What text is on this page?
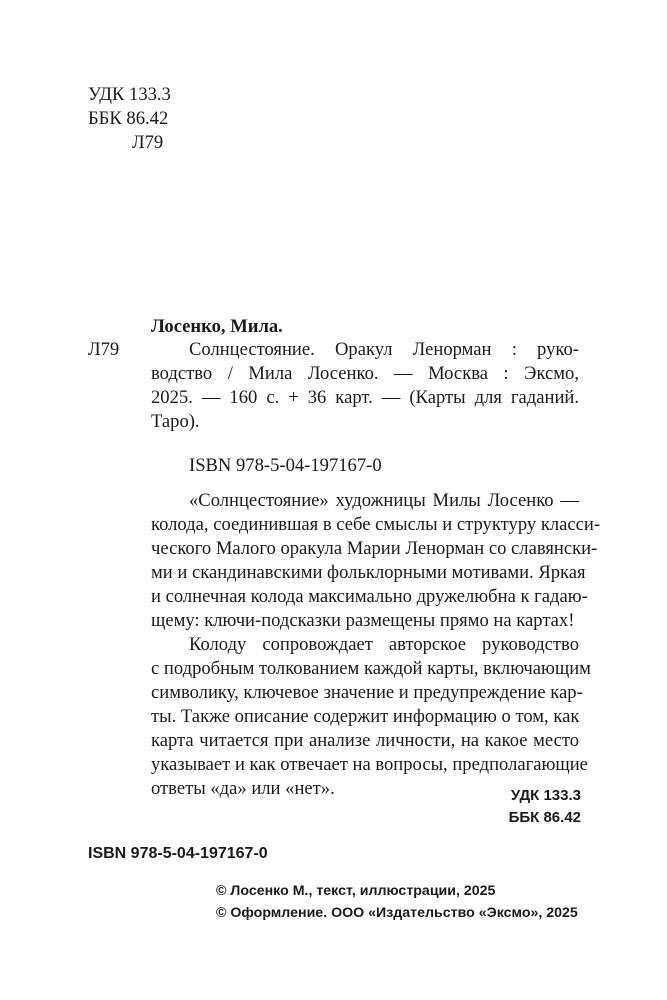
УДК 133.3
ББК 86.42
Л79
Лосенко, Мила.
Л79	Солнцестояние. Оракул Ленорман : руко-
водство / Мила Лосенко. — Москва : Эксмо,
2025. — 160 с. + 36 карт. — (Карты для гаданий.
Таро).
ISBN 978-5-04-197167-0
«Солнцестояние» художницы Милы Лосенко —
колода, соединившая в себе смыслы и структуру класси-
ческого Малого оракула Марии Ленорман со славянски-
ми и скандинавскими фольклорными мотивами. Яркая
и солнечная колода максимально дружелюбна к гадаю-
щему: ключи-подсказки размещены прямо на картах!
Колоду сопровождает авторское руководство
с подробным толкованием каждой карты, включающим
символику, ключевое значение и предупреждение кар-
ты. Также описание содержит информацию о том, как
карта читается при анализе личности, на какое место
указывает и как отвечает на вопросы, предполагающие
ответы «да» или «нет».	УДК 133.3
ББК 86.42
ISBN 978-5-04-197167-0
© Лосенко М., текст, иллюстрации, 2025
© Оформление. ООО «Издательство «Эксмо», 2025
